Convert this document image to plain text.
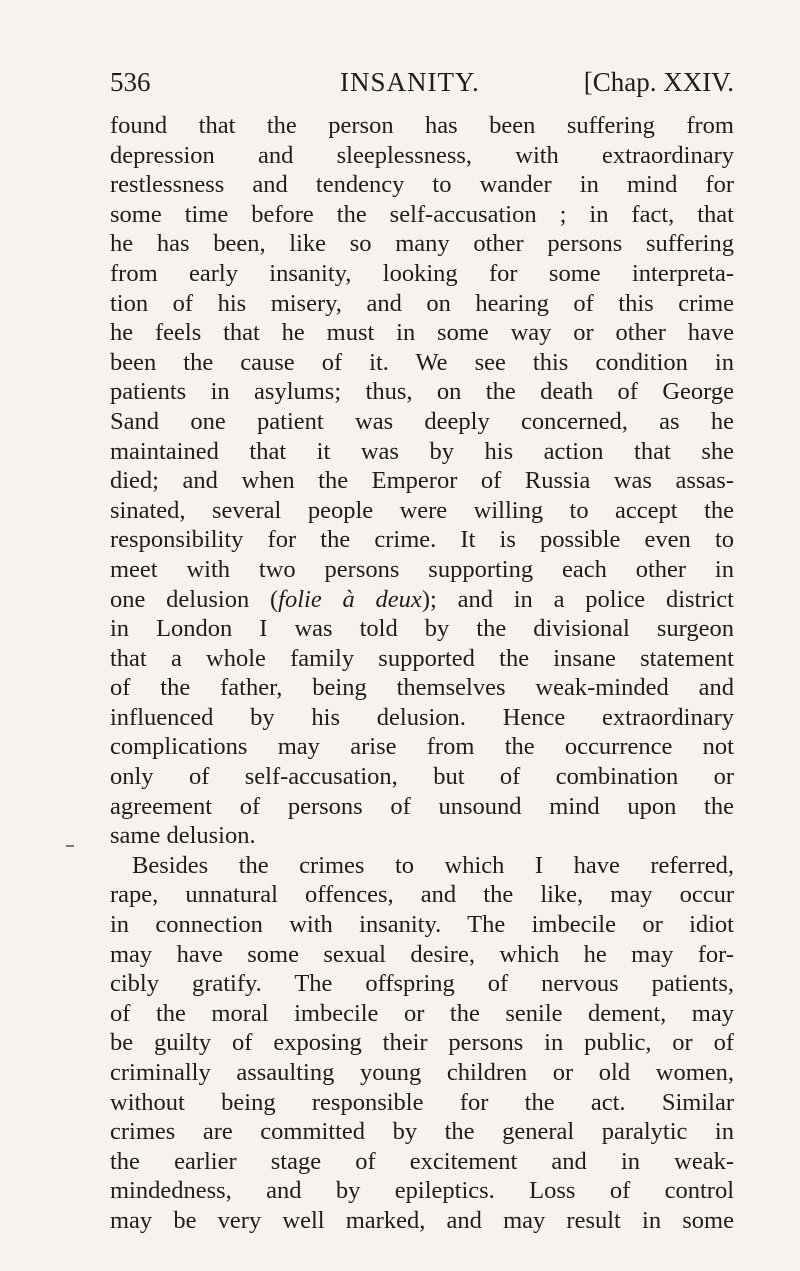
536	INSANITY.	[Chap. XXIV.
found that the person has been suffering from
depression and sleeplessness, with extraordinary
restlessness and tendency to wander in mind for
some time before the self-accusation ; in fact, that
he has been, like so many other persons suffering
from early insanity, looking for some interpreta-
tion of his misery, and on hearing of this crime
he feels that he must in some way or other have
been the cause of it. We see this condition in
patients in asylums; thus, on the death of George
Sand one patient was deeply concerned, as he
maintained that it was by his action that she
died; and when the Emperor of Russia was assas-
sinated, several people were willing to accept the
responsibility for the crime. It is possible even to
meet with two persons supporting each other in
one delusion (folie à deux); and in a police district
in London I was told by the divisional surgeon
that a whole family supported the insane statement
of the father, being themselves weak-minded and
influenced by his delusion. Hence extraordinary
complications may arise from the occurrence not
only of self-accusation, but of combination or
agreement of persons of unsound mind upon the
same delusion.
Besides the crimes to which I have referred,
rape, unnatural offences, and the like, may occur
in connection with insanity. The imbecile or idiot
may have some sexual desire, which he may for-
cibly gratify. The offspring of nervous patients,
of the moral imbecile or the senile dement, may
be guilty of exposing their persons in public, or of
criminally assaulting young children or old women,
without being responsible for the act. Similar
crimes are committed by the general paralytic in
the earlier stage of excitement and in weak-
mindedness, and by epileptics. Loss of control
may be very well marked, and may result in some
